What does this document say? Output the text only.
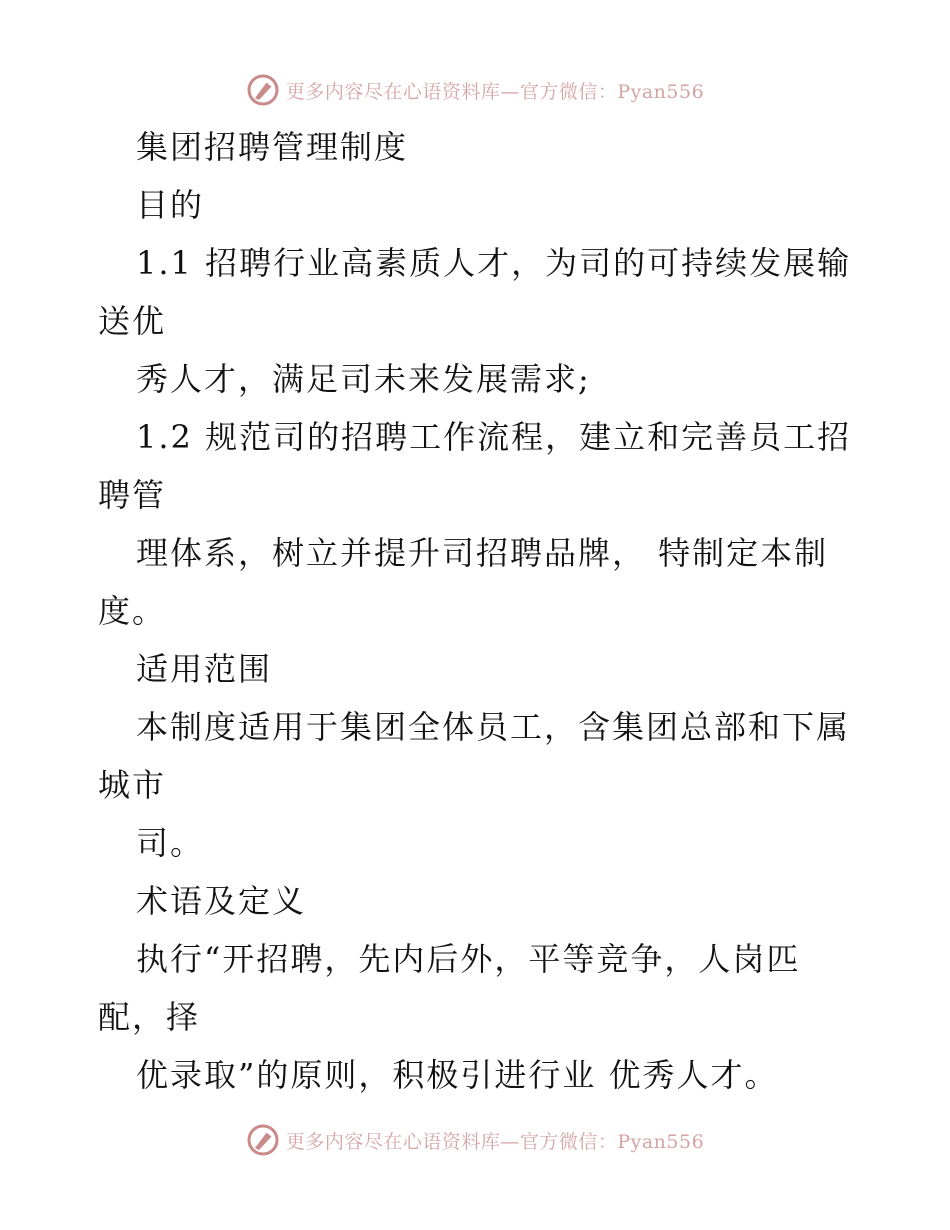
更多内容尽在心语资料库—官方微信：Pyan556
集团招聘管理制度
目的
1.1 招聘行业高素质人才，为司的可持续发展输
送优
秀人才，满足司未来发展需求;
1.2 规范司的招聘工作流程，建立和完善员工招
聘管
理体系，树立并提升司招聘品牌， 特制定本制
度。
适用范围
本制度适用于集团全体员工，含集团总部和下属
城市
司。
术语及定义
执行“开招聘，先内后外，平等竞争，人岗匹
配，择
优录取”的原则，积极引进行业 优秀人才。
更多内容尽在心语资料库—官方微信：Pyan556
